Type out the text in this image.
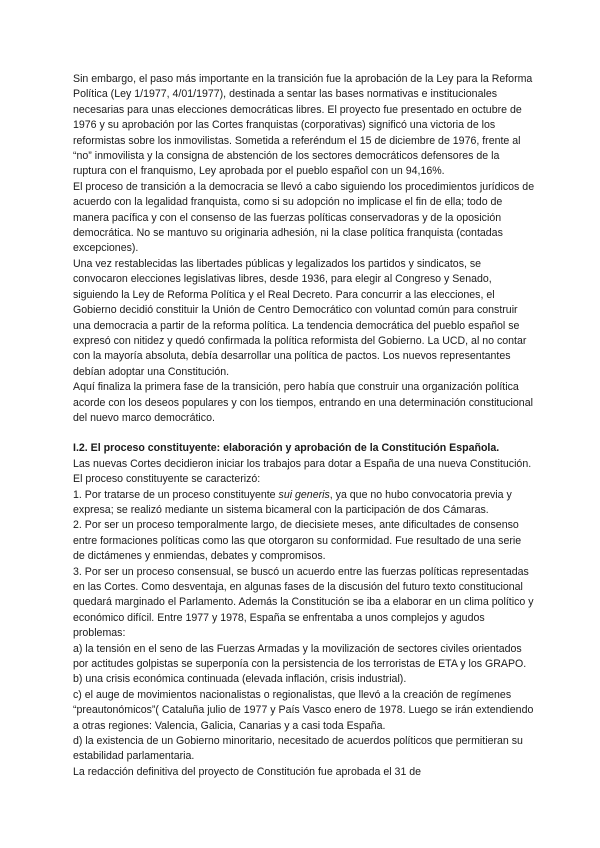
Sin embargo, el paso más importante en la transición fue la aprobación de la Ley para la Reforma Política (Ley 1/1977, 4/01/1977), destinada a sentar las bases normativas e institucionales necesarias para unas elecciones democráticas libres. El proyecto fue presentado en octubre de 1976 y su aprobación por las Cortes franquistas (corporativas) significó una victoria de los reformistas sobre los inmovilistas. Sometida a referéndum el 15 de diciembre de 1976, frente al “no” inmovilista y la consigna de abstención de los sectores democráticos defensores de la ruptura con el franquismo, Ley aprobada por el pueblo español con un 94,16%.

El proceso de transición a la democracia se llevó a cabo siguiendo los procedimientos jurídicos de acuerdo con la legalidad franquista, como si su adopción no implicase el fin de ella; todo de manera pacífica y con el consenso de las fuerzas políticas conservadoras y de la oposición democrática. No se mantuvo su originaria adhesión, ni la clase política franquista (contadas excepciones).

Una vez restablecidas las libertades públicas y legalizados los partidos y sindicatos, se convocaron elecciones legislativas libres, desde 1936, para elegir al Congreso y Senado, siguiendo la Ley de Reforma Política y el Real Decreto. Para concurrir a las elecciones, el Gobierno decidió constituir la Unión de Centro Democrático con voluntad común para construir una democracia a partir de la reforma política. La tendencia democrática del pueblo español se expresó con nitidez y quedó confirmada la política reformista del Gobierno. La UCD, al no contar con la mayoría absoluta, debía desarrollar una política de pactos. Los nuevos representantes debían adoptar una Constitución.

Aquí finaliza la primera fase de la transición, pero había que construir una organización política acorde con los deseos populares y con los tiempos, entrando en una determinación constitucional del nuevo marco democrático.

I.2. El proceso constituyente: elaboración y aprobación de la Constitución Española.

Las nuevas Cortes decidieron iniciar los trabajos para dotar a España de una nueva Constitución. El proceso constituyente se caracterizó:

1. Por tratarse de un proceso constituyente sui generis, ya que no hubo convocatoria previa y expresa; se realizó mediante un sistema bicameral con la participación de dos Cámaras.

2. Por ser un proceso temporalmente largo, de diecisiete meses, ante dificultades de consenso entre formaciones políticas como las que otorgaron su conformidad. Fue resultado de una serie de dictámenes y enmiendas, debates y compromisos.

3. Por ser un proceso consensual, se buscó un acuerdo entre las fuerzas políticas representadas en las Cortes. Como desventaja, en algunas fases de la discusión del futuro texto constitucional quedará marginado el Parlamento. Además la Constitución se iba a elaborar en un clima político y económico difícil. Entre 1977 y 1978, España se enfrentaba a unos complejos y agudos problemas:

a) la tensión en el seno de las Fuerzas Armadas y la movilización de sectores civiles orientados por actitudes golpistas se superponía con la persistencia de los terroristas de ETA y los GRAPO.

b) una crisis económica continuada (elevada inflación, crisis industrial).

c) el auge de movimientos nacionalistas o regionalistas, que llevó a la creación de regímenes “preautonómicos”( Cataluña julio de 1977 y País Vasco enero de 1978. Luego se irán extendiendo a otras regiones: Valencia, Galicia, Canarias y a casi toda España.

d) la existencia de un Gobierno minoritario, necesitado de acuerdos políticos que permitieran su estabilidad parlamentaria.

La redacción definitiva del proyecto de Constitución fue aprobada el 31 de
